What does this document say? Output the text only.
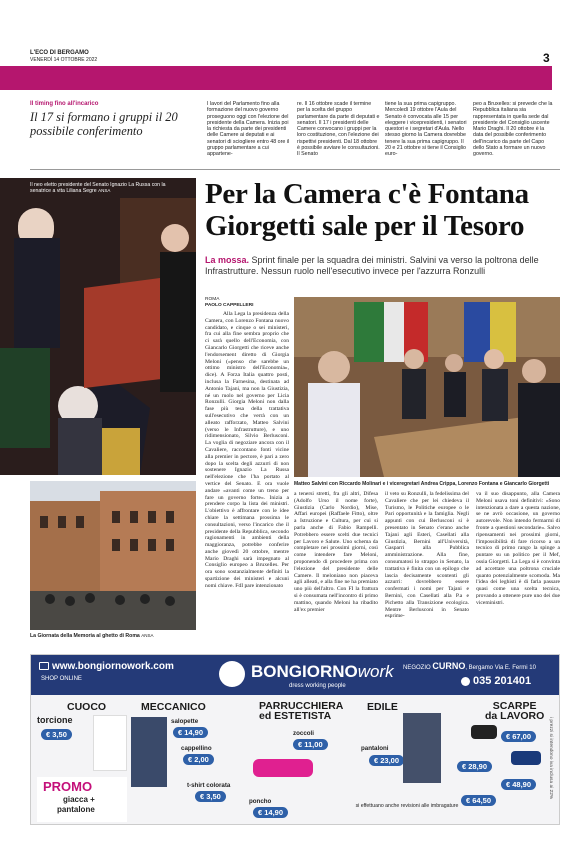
L'ECO DI BERGAMO
VENERDÌ 14 OTTOBRE 2022	3
Il timing fino all'incarico
Il 17 si formano i gruppi il 20 possibile conferimento
I lavori del Parlamento fino alla formazione del nuovo governo proseguono oggi con l'elezione del presidente della Camera. Inizia poi la richiesta da parte dei presidenti delle Camere ai deputati e ai senatori di sciogliere entro 48 ore il gruppo parlamentare a cui appartene-
re. Il 16 ottobre scade il termine per la scelta del gruppo parlamentare da parte di deputati e senatori. Il 17 i presidenti delle Camere convocano i gruppi per la loro costituzione, con l'elezione dei rispettivi presidenti. Dal 18 ottobre è possibile avviare le consultazioni. Il Senato
tiene la sua prima capigruppo. Mercoledì 19 ottobre l'Aula del Senato è convocata alle 15 per eleggere i vicepresidenti, i senatori questori e i segretari d'Aula. Nello stesso giorno la Camera dovrebbe tenere la sua prima capigruppo. Il 20 e 21 ottobre si tiene il Consiglio euro-
peo a Bruxelles: si prevede che la Repubblica italiana sia rappresentata in quella sede dal presidente del Consiglio uscente Mario Draghi. Il 20 ottobre è la data del possibile conferimento dell'incarico da parte del Capo dello Stato a formare un nuovo governo.
Il neo eletto presidente del Senato Ignazio La Russa con la senatrice a vita Liliana Segre ANSA
La Giornata della Memoria al ghetto di Roma ANSA
Per la Camera c'è Fontana
Giorgetti sale per il Tesoro
La mossa. Sprint finale per la squadra dei ministri. Salvini va verso la poltrona delle Infrastrutture. Nessun ruolo nell'esecutivo invece per l'azzurra Ronzulli
ROMA
PAOLO CAPPELLERI
Alla Lega la presidenza della Camera, con Lorenzo Fontana nuovo candidato, e cinque o sei ministeri, fra cui alla fine sembra proprio che ci sarà quello dell'Economia, con Giancarlo Giorgetti che riceve anche l'endorsement diretto di Giorgia Meloni («penso che sarebbe un ottimo ministro dell'Economia», dice). A Forza Italia quattro posti, inclusa la Farnesina, destinata ad Antonio Tajani, ma non la Giustizia, né un ruolo nel governo per Licia Ronzulli. Giorgia Meloni non dalla fase più tesa della trattativa sull'esecutivo che verrà con un alleato rafforzato, Matteo Salvini (verso le Infrastrutture), e uno ridimensionato, Silvio Berlusconi. La voglia di negoziare ancora con il Cavaliere, raccontano fonti vicine alla premier in pectore, è pari a zero dopo la scelta degli azzurri di non sostenere Ignazio La Russa nell'elezione che l'ha portato al vertice del Senato. E ora vuole andare «avanti come un treno per fare un governo forte». Inizia a prendere corpo la lista dei ministri. L'obiettivo è affrontare con le idee chiare la settimana prossima le consultazioni, verso l'incarico che il presidente della Repubblica, secondo ragionamenti in ambienti della maggioranza, potrebbe conferire anche giovedì 20 ottobre, mentre Mario Draghi sarà impegnato al Consiglio europeo a Bruxelles. Per ora sono sostanzialmente definiti la spartizione dei ministeri e alcuni nomi chiave. FdI pare intenzionato
Matteo Salvini con Riccardo Molinari e i viceregretari Andrea Crippa, Lorenzo Fontana e Giancarlo Giorgetti
a tenersi stretti, fra gli altri, Difesa (Adolfo Urso il nome forte), Giustizia (Carlo Nordio), Mise, Affari europei (Raffaele Fitto), oltre a Istruzione e Cultura, per cui si parla anche di Fabio Rampelli. Potrebbero essere scelti due tecnici per Lavoro e Salute. Uno schema da completare nei prossimi giorni, così come intendere fare Meloni, proponendo di procedere prima con l'elezione del presidente delle Camere. Il meloniano non piaceva agli alleati, e alla fine ne ha premiato uno più dell'altro. Con FI la frattura si è consumata nell'incontro di primo mattino, quando Meloni ha ribadito all'ex premier
il veto su Ronzulli, la fedelissima del Cavaliere che per lei chiedeva il Turismo, le Politiche europee o le Pari opportunità e la famiglia. Negli appunti con cui Berlusconi si è presentato in Senato c'erano anche Tajani agli Esteri, Casellati alla Giustizia, Bernini all'Università, Gasparri alla Pubblica amministrazione. Alla fine, consumatosi lo strappo in Senato, la trattativa è finita con un epilogo che lascia decisamente scontenti gli azzurri: dovrebbero essere confermati i nomi per Tajani e Bernini, con Casellati alla P.a e Pichetto alla Transizione ecologica. Mentre Berlusconi in Senato esprime-
va il suo disappunto, alla Camera Meloni usava toni definitivi: «Sono intenzionata a dare a questa nazione, se ne avrò occasione, un governo autorevole. Non intendo fermarmi di fronte a questioni secondarie». Salvo ripensamenti nei prossimi giorni, l'impossibilità di fare ricorso a un tecnico di primo rango la spinge a puntare su un politico per il Mef, ossia Giorgetti. La Lega si è convinta ad accettare una poltrona cruciale quanto potenzialmente scomoda. Ma l'idea dei leghisti è di farla passare quasi come una scelta tecnica, provando a ottenere pure uno dei due viceministri.
www.bongiornowork.com
SHOP ONLINE	BONGIORNOwork
dress working people
NEGOZIO CURNO, Bergamo Via E. Fermi 10
035 201401
CUOCO
torcione
€ 3,50
MECCANICO
salopette
€ 14,90
cappellino
€ 2,00
t-shirt colorata
€ 3,50
PROMO
giacca +
pantalone
PARRUCCHIERA
ed ESTETISTA
zoccoli
€ 11,00
poncho
€ 14,90
EDILE
pantaloni
€ 23,00
si effettuano anche revisioni alle imbragature
SCARPE
da LAVORO
€ 67,00
€ 28,90
€ 48,90
€ 64,50
i prezzi si intendono iva inclusa ai 22%
